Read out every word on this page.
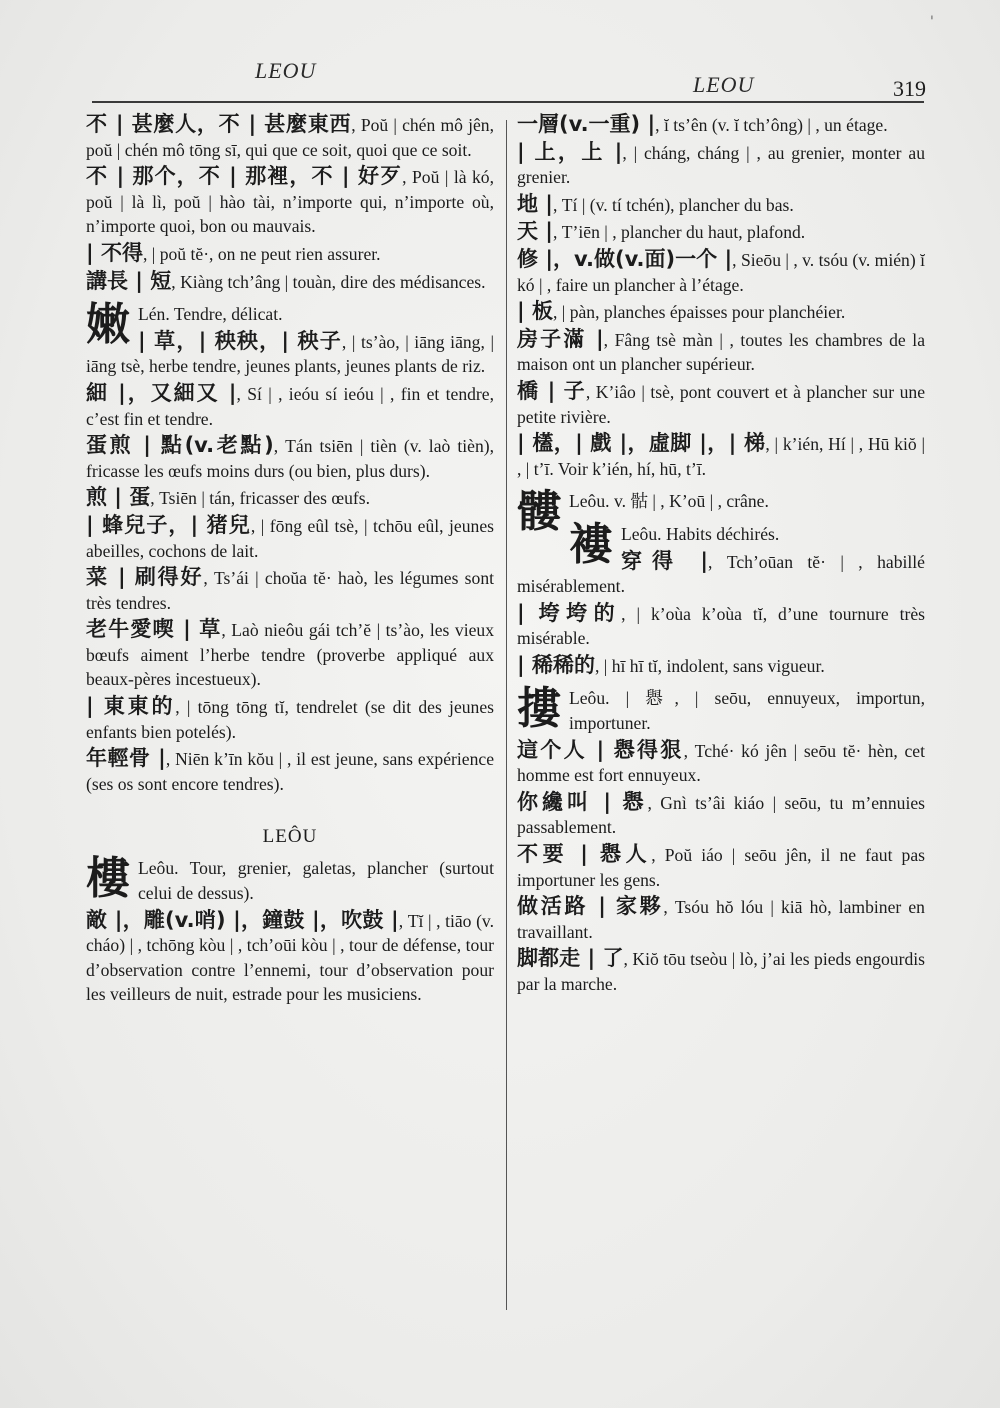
'
LEOU
LEOU	319
不 | 甚麼人，不 | 甚麼東西, Poŭ | chén mô jên, poŭ | chén mô tōng sī, qui que ce soit, quoi que ce soit.
不 | 那个，不 | 那裡，不 | 好歹, Poŭ | là kó, poŭ | là lì, poŭ | hào tài, n’importe qui, n’importe où, n’importe quoi, bon ou mauvais.
| 不得, | poŭ tĕ·, on ne peut rien assurer.
講長 | 短, Kiàng tch’âng | touàn, dire des médisances.
嫩 Lén. Tendre, délicat.
| 草，| 秧秧，| 秧子, | ts’ào, | iāng iāng, | iāng tsè, herbe tendre, jeunes plants, jeunes plants de riz.
細 |，又細又 |, Sí | , ieóu sí ieóu | , fin et tendre, c’est fin et tendre.
蛋煎 | 點(v.老點), Tán tsiēn | tièn (v. laò tièn), fricasse les œufs moins durs (ou bien, plus durs).
煎 | 蛋, Tsiēn | tán, fricasser des œufs.
| 蜂兒子，| 猪兒, | fōng eûl tsè, | tchōu eûl, jeunes abeilles, cochons de lait.
菜 | 刷得好, Ts’ái | choŭa tĕ· haò, les légumes sont très tendres.
老牛愛喫 | 草, Laò nieôu gái tch’ĕ | ts’ào, les vieux bœufs aiment l’herbe tendre (proverbe appliqué aux beaux-pères incestueux).
| 東東的, | tōng tōng tĭ, tendrelet (se dit des jeunes enfants bien potelés).
年輕骨 |, Niēn k’īn kŏu | , il est jeune, sans expérience (ses os sont encore tendres).
LEÔU
樓 Leôu. Tour, grenier, galetas, plancher (surtout celui de dessus).
敵 |，雕(v.哨) |，鐘鼓 |，吹鼓 |, Tĭ | , tiāo (v. cháo) | , tchōng kòu | , tch’oūi kòu | , tour de défense, tour d’observation contre l’ennemi, tour d’observation pour les veilleurs de nuit, estrade pour les musiciens.
一層(v.一重) |, ĭ ts’ên (v. ĭ tch’ông) | , un étage.
| 上，上 |, | cháng, cháng | , au grenier, monter au grenier.
地 |, Tí | (v. tí tchén), plancher du bas.
天 |, T’iēn | , plancher du haut, plafond.
修 |，v.做(v.面)一个 |, Sieōu | , v. tsóu (v. mién) ĭ kó | , faire un plancher à l’étage.
| 板, | pàn, planches épaisses pour planchéier.
房子滿 |, Fâng tsè màn | , toutes les chambres de la maison ont un plancher supérieur.
橋 | 子, K’iâo | tsè, pont couvert et à plancher sur une petite rivière.
| 㯼，| 戲 |，虛脚 |，| 梯, | k’ién, Hí | , Hū kiŏ | , | t’ī. Voir k’ién, hí, hū, t’ī.
髏 Leôu. v. 骷 | , K’oū | , crâne.
褸 Leôu. Habits déchirés.
穿得 |, Tch’oūan tĕ· | , habillé misérablement.
| 垮垮的, | k’oùa k’oùa tĭ, d’une tournure très misérable.
| 稀稀的, | hī hī tĭ, indolent, sans vigueur.
摟 Leôu. | 㦛, | seōu, ennuyeux, importun, importuner.
這个人 | 㦛得狠, Tché· kó jên | seōu tĕ· hèn, cet homme est fort ennuyeux.
你纔叫 | 㦛, Gnì ts’âi kiáo | seōu, tu m’ennuies passablement.
不要 | 㦛人, Poŭ iáo | seōu jên, il ne faut pas importuner les gens.
做活路 | 家夥, Tsóu hŏ lóu | kiā hò, lambiner en travaillant.
脚都走 | 了, Kiŏ tōu tseòu | lò, j’ai les pieds engourdis par la marche.
